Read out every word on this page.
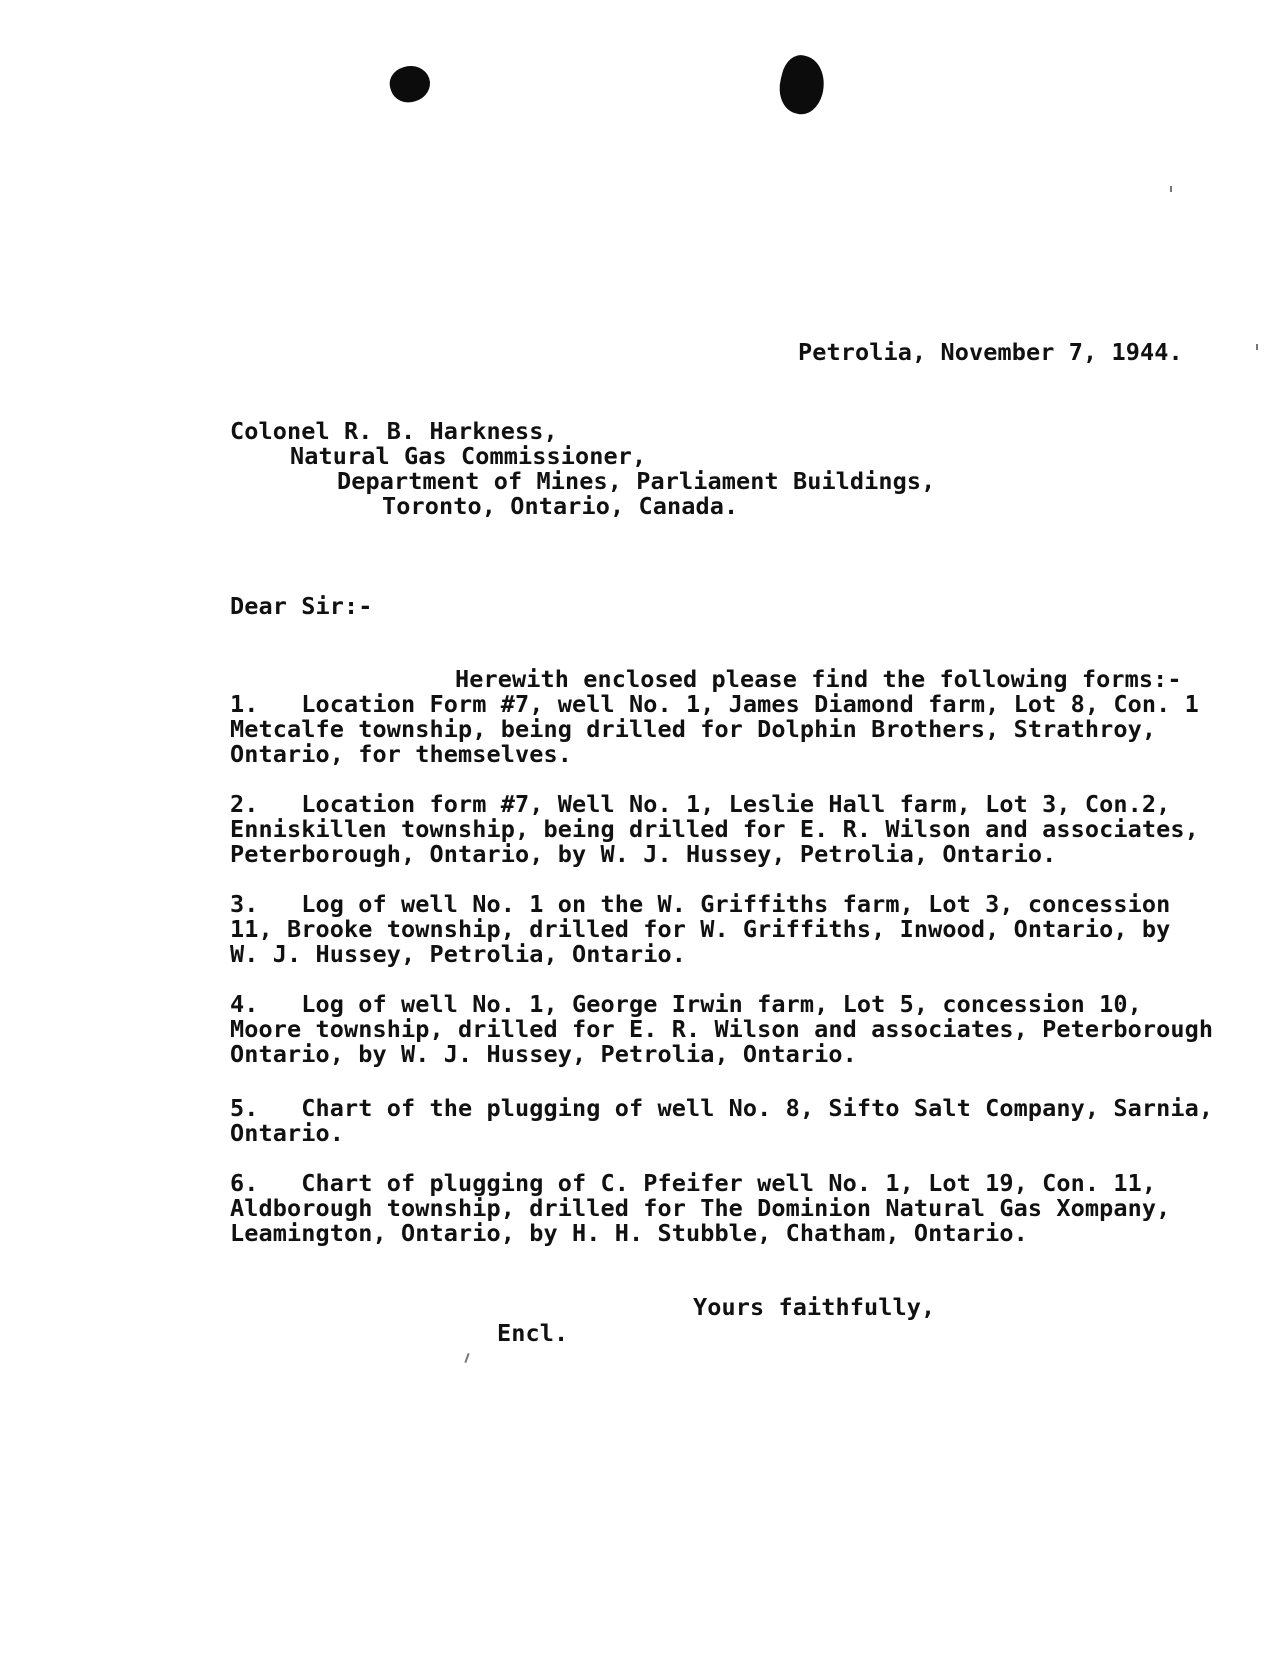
Petrolia, November 7, 1944.
Colonel R. B. Harkness,
Natural Gas Commissioner,
Department of Mines, Parliament Buildings,
Toronto, Ontario, Canada.
Dear Sir:-
Herewith enclosed please find the following forms:-
1.   Location Form #7, well No. 1, James Diamond farm, Lot 8, Con. 1
Metcalfe township, being drilled for Dolphin Brothers, Strathroy,
Ontario, for themselves.
2.   Location form #7, Well No. 1, Leslie Hall farm, Lot 3, Con.2,
Enniskillen township, being drilled for E. R. Wilson and associates,
Peterborough, Ontario, by W. J. Hussey, Petrolia, Ontario.
3.   Log of well No. 1 on the W. Griffiths farm, Lot 3, concession
11, Brooke township, drilled for W. Griffiths, Inwood, Ontario, by
W. J. Hussey, Petrolia, Ontario.
4.   Log of well No. 1, George Irwin farm, Lot 5, concession 10,
Moore township, drilled for E. R. Wilson and associates, Peterborough
Ontario, by W. J. Hussey, Petrolia, Ontario.
5.   Chart of the plugging of well No. 8, Sifto Salt Company, Sarnia,
Ontario.
6.   Chart of plugging of C. Pfeifer well No. 1, Lot 19, Con. 11,
Aldborough township, drilled for The Dominion Natural Gas Xompany,
Leamington, Ontario, by H. H. Stubble, Chatham, Ontario.
Yours faithfully,
Encl.
